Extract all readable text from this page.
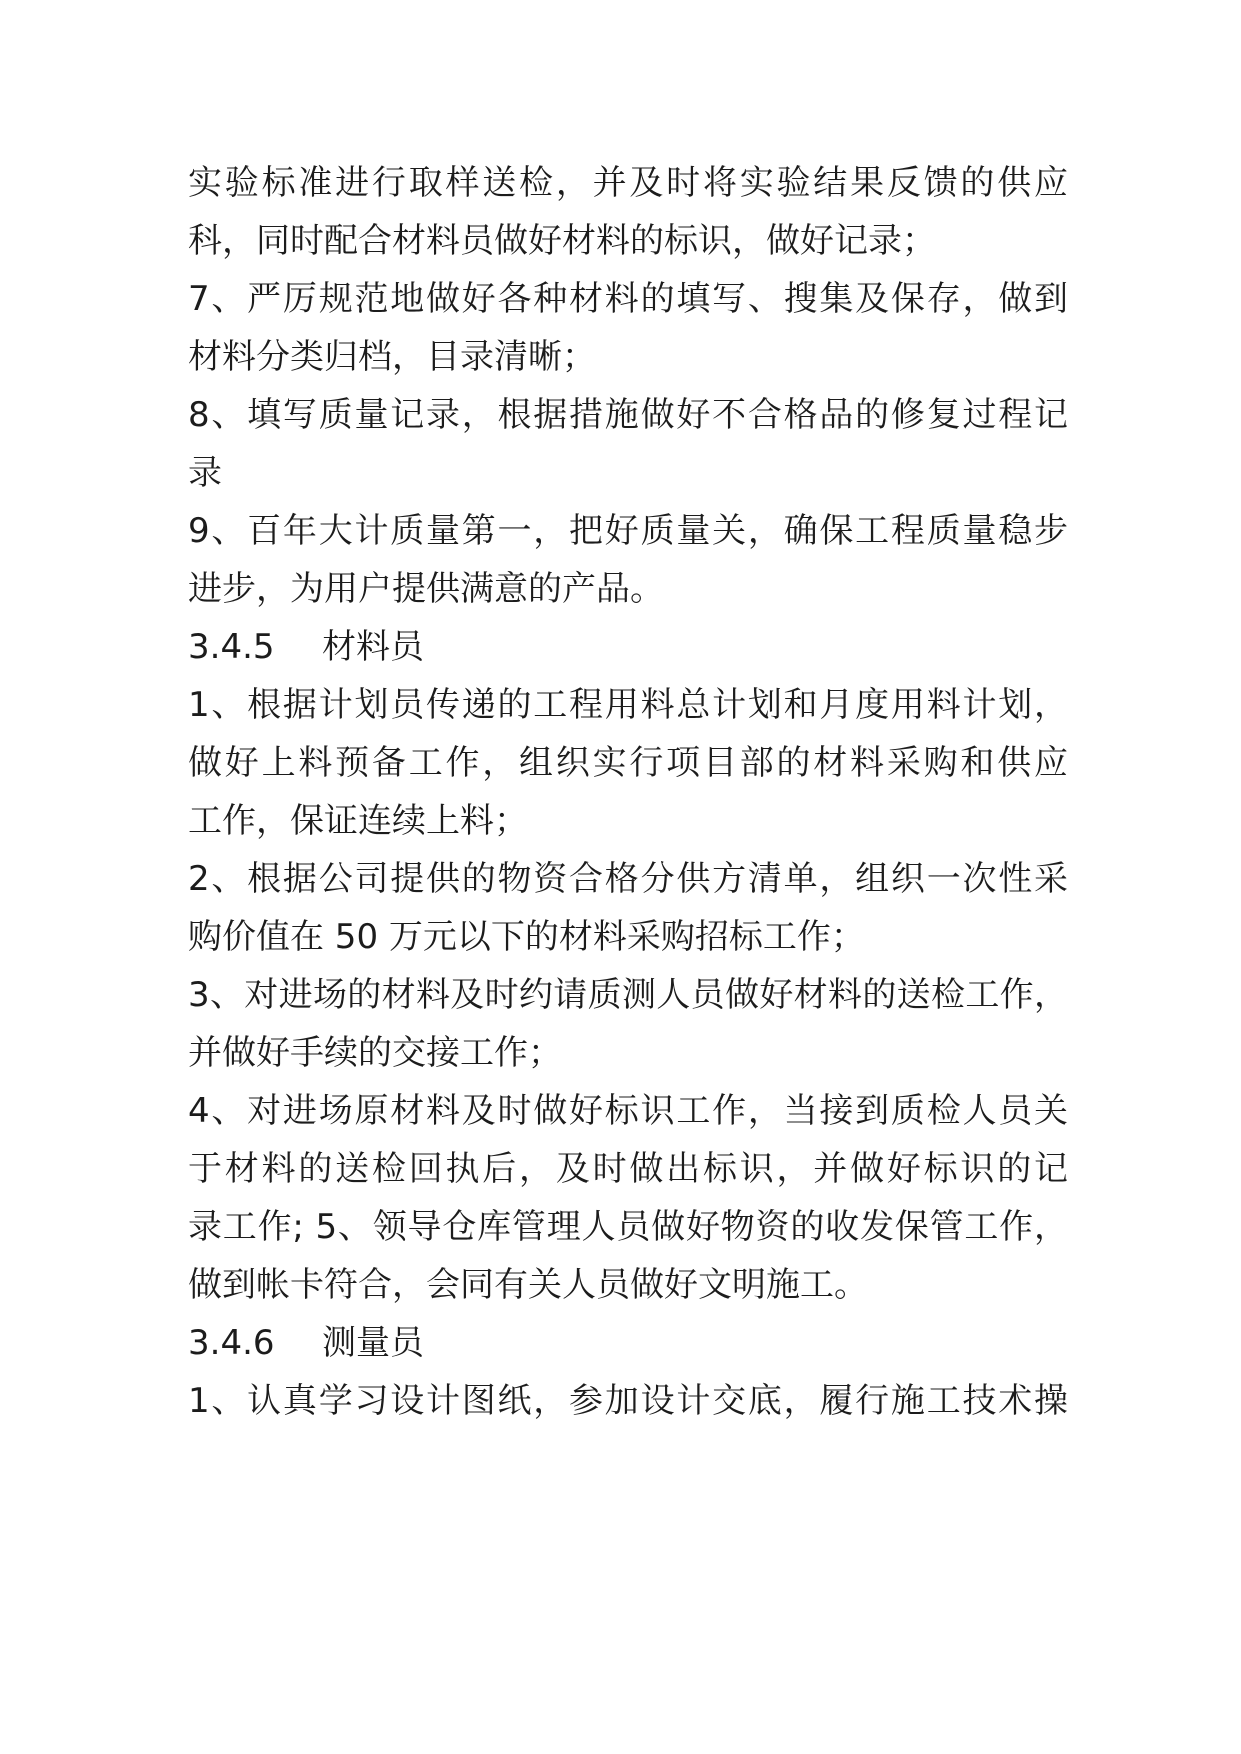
实验标准进行取样送检，并及时将实验结果反馈的供应
科，同时配合材料员做好材料的标识，做好记录；
7、严厉规范地做好各种材料的填写、搜集及保存，做到
材料分类归档，目录清晰；
8、填写质量记录，根据措施做好不合格品的修复过程记
录
9、百年大计质量第一，把好质量关，确保工程质量稳步
进步，为用户提供满意的产品。
3.4.5 材料员
1、根据计划员传递的工程用料总计划和月度用料计划，
做好上料预备工作，组织实行项目部的材料采购和供应
工作，保证连续上料；
2、根据公司提供的物资合格分供方清单，组织一次性采
购价值在 50 万元以下的材料采购招标工作；
3、对进场的材料及时约请质测人员做好材料的送检工作，
并做好手续的交接工作；
4、对进场原材料及时做好标识工作，当接到质检人员关
于材料的送检回执后，及时做出标识，并做好标识的记
录工作; 5、领导仓库管理人员做好物资的收发保管工作，
做到帐卡符合，会同有关人员做好文明施工。
3.4.6 测量员
1、认真学习设计图纸，参加设计交底，履行施工技术操
